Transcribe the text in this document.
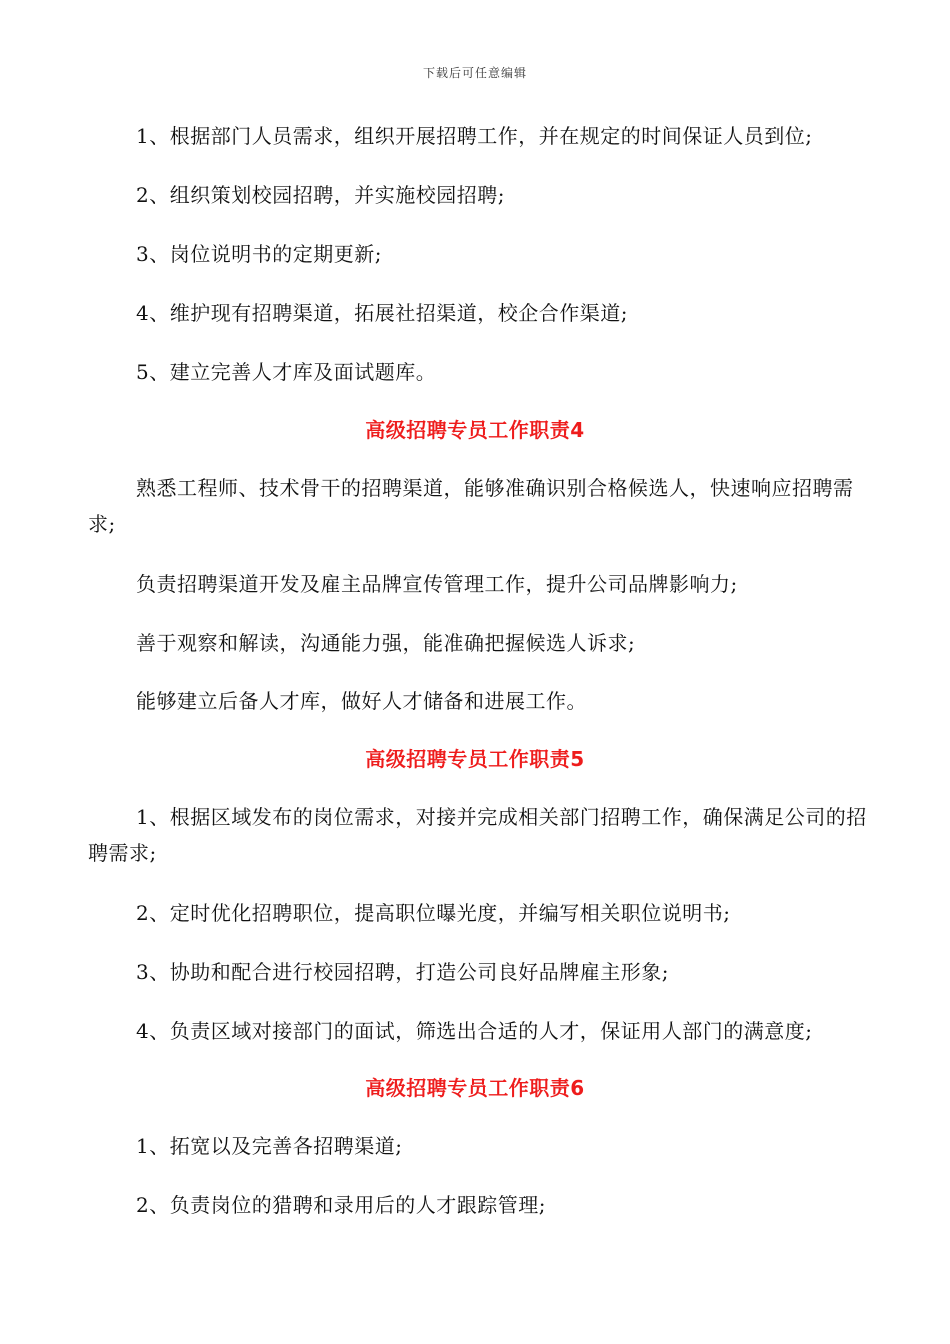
下载后可任意编辑
1、根据部门人员需求，组织开展招聘工作，并在规定的时间保证人员到位;
2、组织策划校园招聘，并实施校园招聘;
3、岗位说明书的定期更新;
4、维护现有招聘渠道，拓展社招渠道，校企合作渠道;
5、建立完善人才库及面试题库。
高级招聘专员工作职责4
熟悉工程师、技术骨干的招聘渠道，能够准确识别合格候选人，快速响应招聘需求;
负责招聘渠道开发及雇主品牌宣传管理工作，提升公司品牌影响力;
善于观察和解读，沟通能力强，能准确把握候选人诉求;
能够建立后备人才库，做好人才储备和进展工作。
高级招聘专员工作职责5
1、根据区域发布的岗位需求，对接并完成相关部门招聘工作，确保满足公司的招聘需求;
2、定时优化招聘职位，提高职位曝光度，并编写相关职位说明书;
3、协助和配合进行校园招聘，打造公司良好品牌雇主形象;
4、负责区域对接部门的面试，筛选出合适的人才，保证用人部门的满意度;
高级招聘专员工作职责6
1、拓宽以及完善各招聘渠道;
2、负责岗位的猎聘和录用后的人才跟踪管理;
